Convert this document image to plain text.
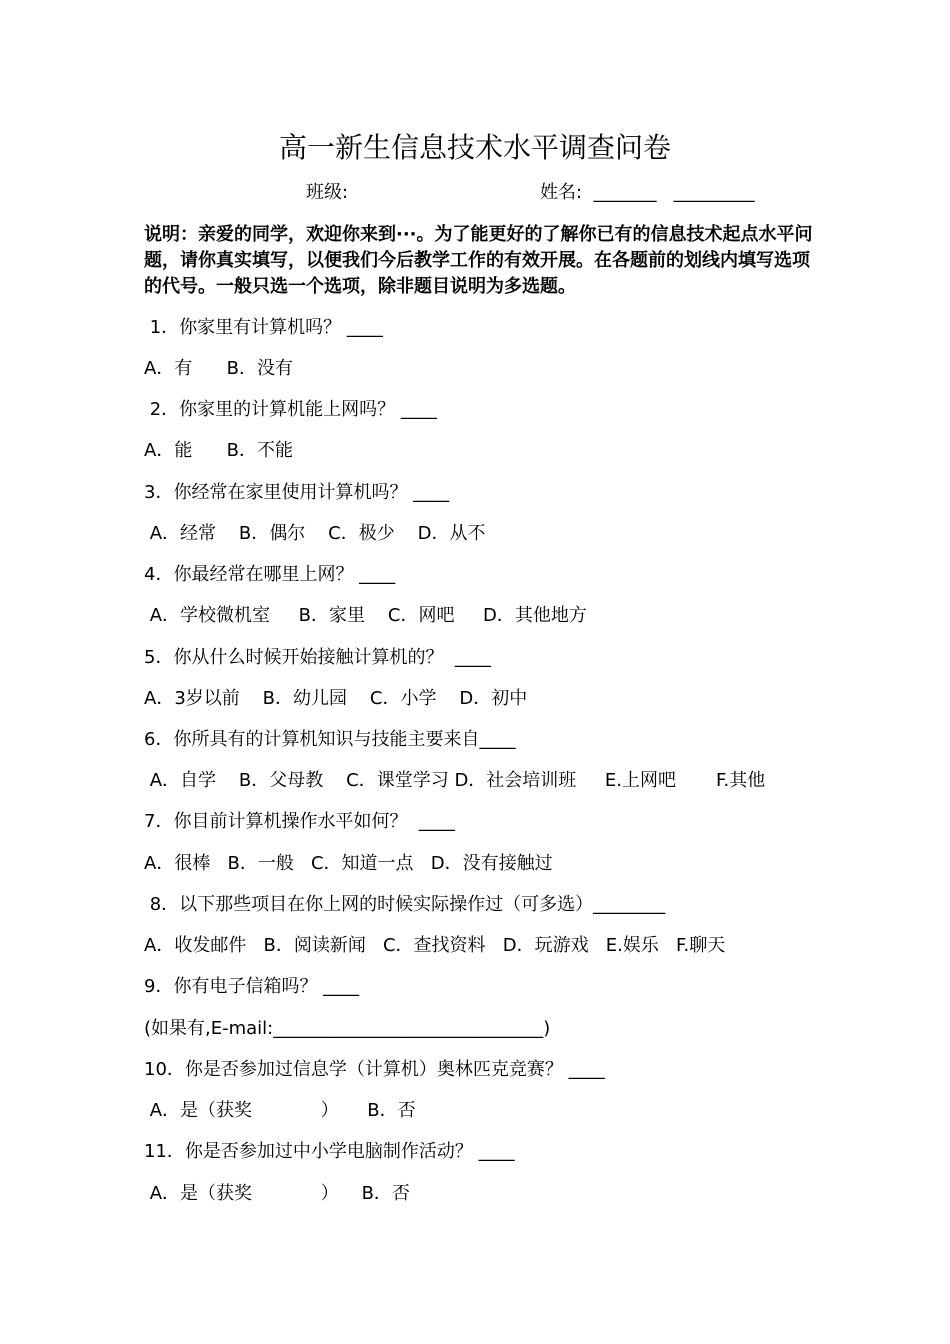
高一新生信息技术水平调查问卷
班级:	姓名:  _______   _________
说明：亲爱的同学，欢迎你来到···。为了能更好的了解你已有的信息技术起点水平问题，请你真实填写，以便我们今后教学工作的有效开展。在各题前的划线内填写选项的代号。一般只选一个选项，除非题目说明为多选题。
1．你家里有计算机吗？ ____
A．有      B．没有
2．你家里的计算机能上网吗？ ____
A．能      B．不能
3．你经常在家里使用计算机吗？ ____
A．经常    B．偶尔    C．极少    D．从不
4．你最经常在哪里上网？ ____
A．学校微机室     B．家里    C．网吧     D．其他地方
5．你从什么时候开始接触计算机的？  ____
A．3岁以前    B．幼儿园    C．小学    D．初中
6．你所具有的计算机知识与技能主要来自____
A．自学    B．父母教    C．课堂学习 D．社会培训班     E.上网吧       F.其他
7．你目前计算机操作水平如何？  ____
A．很棒   B．一般   C．知道一点   D．没有接触过
8．以下那些项目在你上网的时候实际操作过（可多选）________
A．收发邮件   B．阅读新闻   C．查找资料   D．玩游戏   E.娱乐   F.聊天
9．你有电子信箱吗？ ____
(如果有,E-mail:______________________________)
10．你是否参加过信息学（计算机）奥林匹克竞赛？ ____
A．是（获奖            ）     B．否
11．你是否参加过中小学电脑制作活动？ ____
A．是（获奖            ）    B．否
